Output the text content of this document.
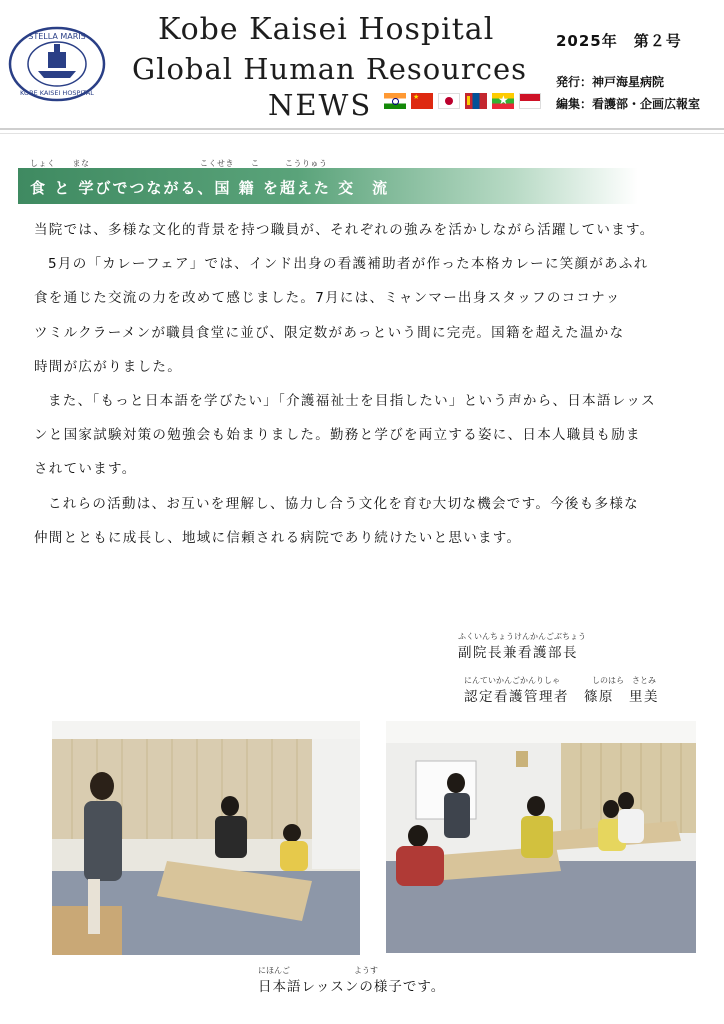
STELLA MARIS
KOBE KAISEI HOSPITAL
Kobe Kaisei Hospital
Global Human Resources
NEWS	★	★
2025年　第２号
発行：神戸海星病院
編集：看護部・企画広報室
しょく　　まな　　　　　　　　　　　　　こくせき　　こ　　　こうりゅう
食 と 学びでつながる、国 籍 を超えた 交　流
当院では、多様な文化的背景を持つ職員が、それぞれの強みを活かしながら活躍しています。
5月の「カレーフェア」では、インド出身の看護補助者が作った本格カレーに笑顔があふれ
食を通じた交流の力を改めて感じました。7月には、ミャンマー出身スタッフのココナッ
ツミルクラーメンが職員食堂に並び、限定数があっという間に完売。国籍を超えた温かな
時間が広がりました。
また、「もっと日本語を学びたい」「介護福祉士を目指したい」という声から、日本語レッス
ンと国家試験対策の勉強会も始まりました。勤務と学びを両立する姿に、日本人職員も励ま
されています。
これらの活動は、お互いを理解し、協力し合う文化を育む大切な機会です。今後も多様な
仲間とともに成長し、地域に信頼される病院であり続けたいと思います。
ふくいんちょうけんかんごぶちょう
副院長兼看護部長
にんていかんごかんりしゃ	しのはら　さとみ
認定看護管理者　篠原　里美
にほんご　　　　　　　　ようす
日本語レッスンの様子です。
